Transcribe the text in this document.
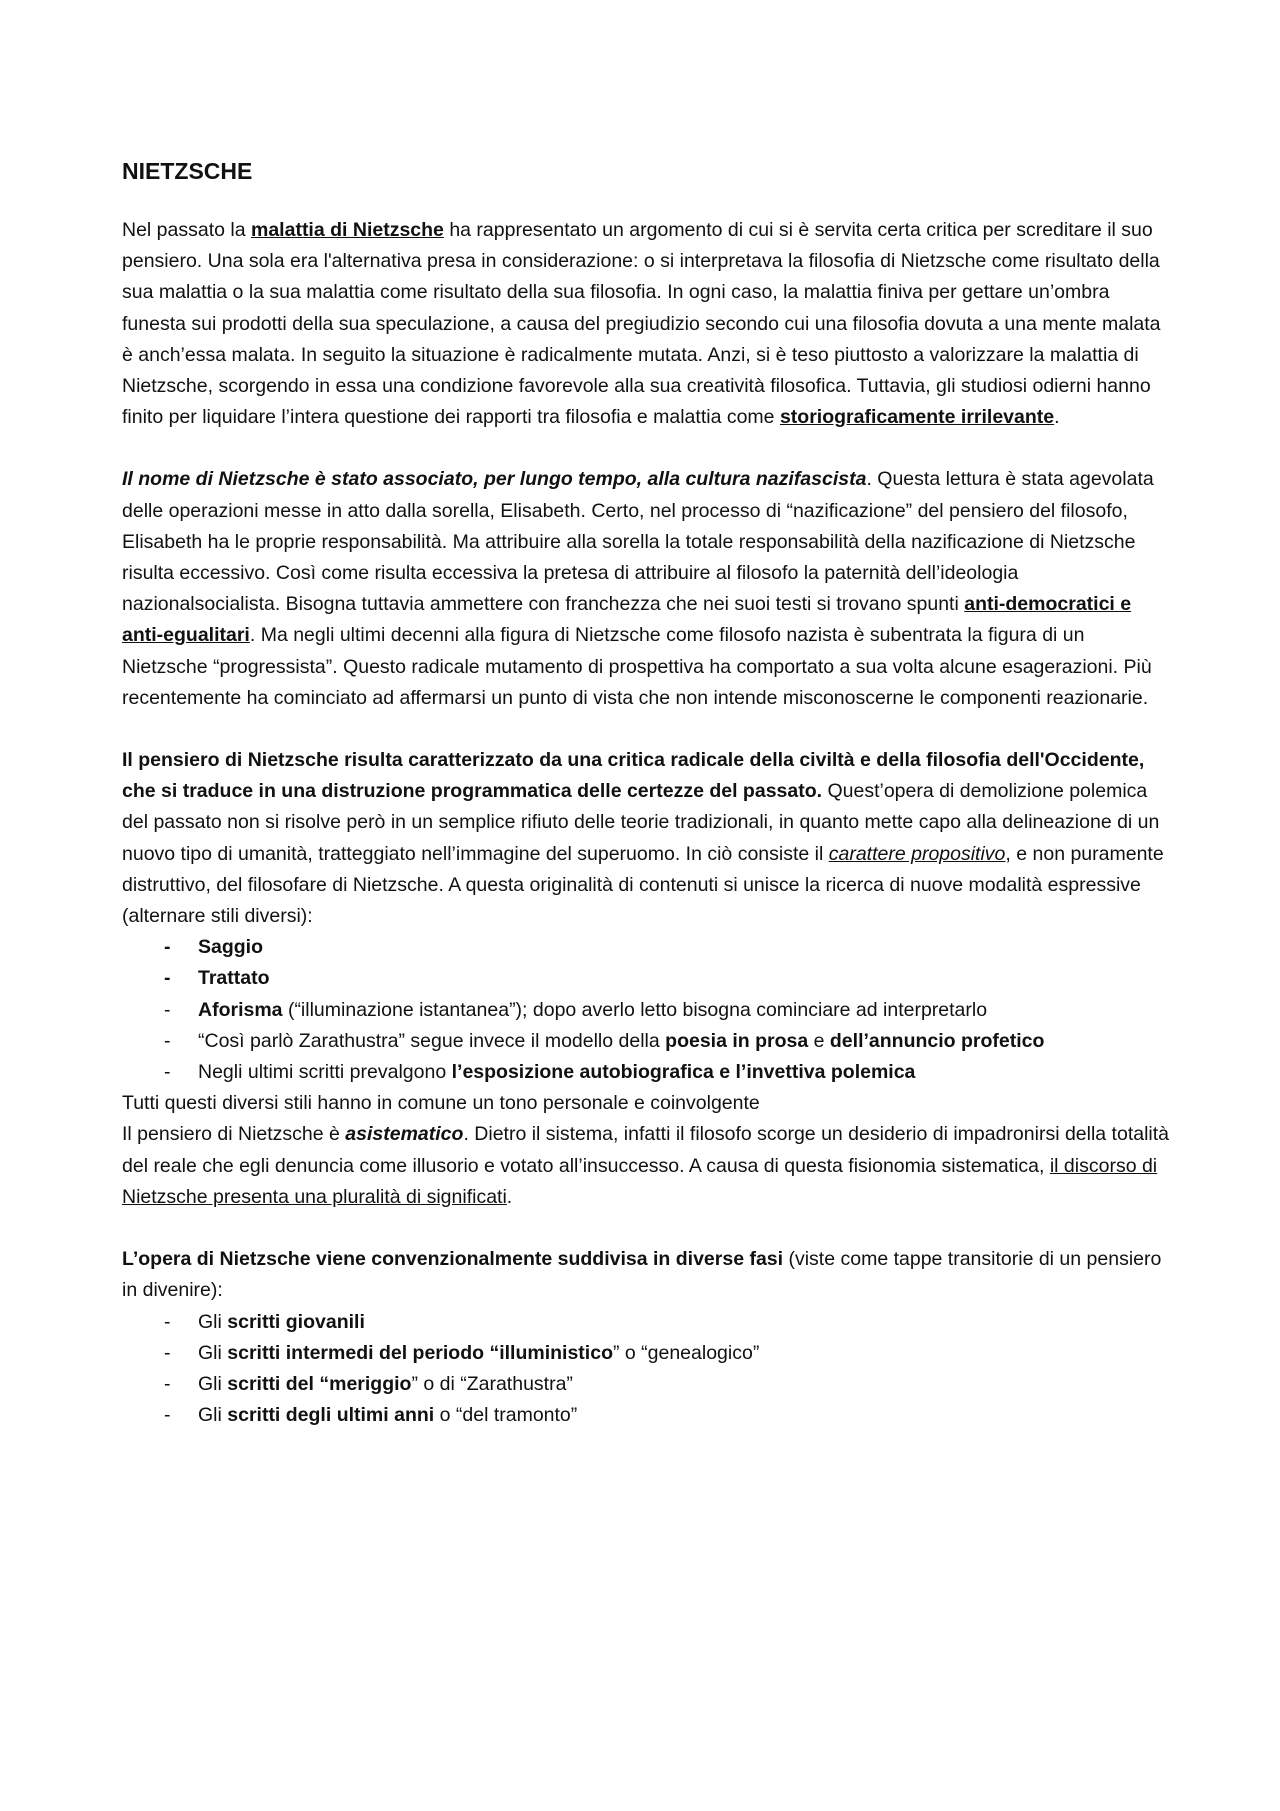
NIETZSCHE

Nel passato la malattia di Nietzsche ha rappresentato un argomento di cui si è servita certa critica per screditare il suo pensiero. Una sola era l'alternativa presa in considerazione: o si interpretava la filosofia di Nietzsche come risultato della sua malattia o la sua malattia come risultato della sua filosofia. In ogni caso, la malattia finiva per gettare un’ombra funesta sui prodotti della sua speculazione, a causa del pregiudizio secondo cui una filosofia dovuta a una mente malata è anch’essa malata. In seguito la situazione è radicalmente mutata. Anzi, si è teso piuttosto a valorizzare la malattia di Nietzsche, scorgendo in essa una condizione favorevole alla sua creatività filosofica. Tuttavia, gli studiosi odierni hanno finito per liquidare l’intera questione dei rapporti tra filosofia e malattia come storiograficamente irrilevante.

Il nome di Nietzsche è stato associato, per lungo tempo, alla cultura nazifascista. Questa lettura è stata agevolata delle operazioni messe in atto dalla sorella, Elisabeth. Certo, nel processo di “nazificazione” del pensiero del filosofo, Elisabeth ha le proprie responsabilità. Ma attribuire alla sorella la totale responsabilità della nazificazione di Nietzsche risulta eccessivo. Così come risulta eccessiva la pretesa di attribuire al filosofo la paternità dell’ideologia nazionalsocialista. Bisogna tuttavia ammettere con franchezza che nei suoi testi si trovano spunti anti-democratici e anti-egualitari. Ma negli ultimi decenni alla figura di Nietzsche come filosofo nazista è subentrata la figura di un Nietzsche “progressista”. Questo radicale mutamento di prospettiva ha comportato a sua volta alcune esagerazioni. Più recentemente ha cominciato ad affermarsi un punto di vista che non intende misconoscerne le componenti reazionarie.

Il pensiero di Nietzsche risulta caratterizzato da una critica radicale della civiltà e della filosofia dell'Occidente, che si traduce in una distruzione programmatica delle certezze del passato. Quest’opera di demolizione polemica del passato non si risolve però in un semplice rifiuto delle teorie tradizionali, in quanto mette capo alla delineazione di un nuovo tipo di umanità, tratteggiato nell’immagine del superuomo. In ciò consiste il carattere propositivo, e non puramente distruttivo, del filosofare di Nietzsche. A questa originalità di contenuti si unisce la ricerca di nuove modalità espressive (alternare stili diversi):

-	Saggio
-	Trattato
-	Aforisma (“illuminazione istantanea”); dopo averlo letto bisogna cominciare ad interpretarlo
-	“Così parlò Zarathustra” segue invece il modello della poesia in prosa e dell’annuncio profetico
-	Negli ultimi scritti prevalgono l’esposizione autobiografica e l’invettiva polemica

Tutti questi diversi stili hanno in comune un tono personale e coinvolgente

Il pensiero di Nietzsche è asistematico. Dietro il sistema, infatti il filosofo scorge un desiderio di impadronirsi della totalità del reale che egli denuncia come illusorio e votato all’insuccesso. A causa di questa fisionomia sistematica, il discorso di Nietzsche presenta una pluralità di significati.

L’opera di Nietzsche viene convenzionalmente suddivisa in diverse fasi (viste come tappe transitorie di un pensiero in divenire):

-	Gli scritti giovanili
-	Gli scritti intermedi del periodo “illuministico” o “genealogico”
-	Gli scritti del “meriggio” o di “Zarathustra”
-	Gli scritti degli ultimi anni o “del tramonto”
